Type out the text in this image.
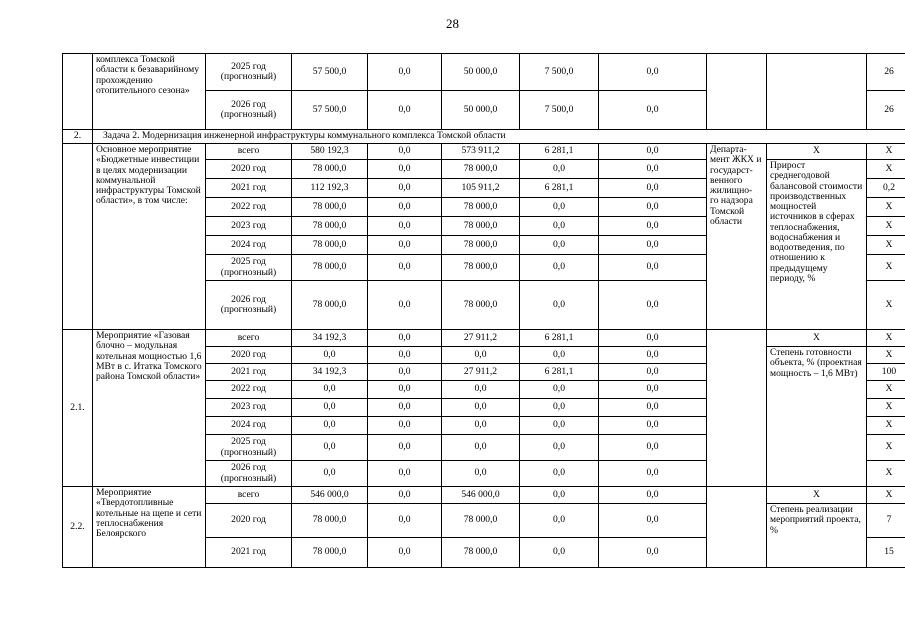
28
	комплекса Томской области к безаварийному прохождению отопительного сезона»	2025 год (прогнозный)	57 500,0	0,0	50 000,0	7 500,0	0,0			26
		2026 год (прогнозный)	57 500,0	0,0	50 000,0	7 500,0	0,0			26
2.	Задача 2. Модернизация инженерной инфраструктуры коммунального комплекса Томской области									
	Основное мероприятие «Бюджетные инвестиции в целях модернизации коммунальной инфраструктуры Томской области», в том числе:	всего	580 192,3	0,0	573 911,2	6 281,1	0,0	Департа- мент ЖКХ и государст- венного жилищно- го надзора Томской области	X	X
		2020 год	78 000,0	0,0	78 000,0	0,0	0,0		Прирост среднегодовой балансовой стоимости производственных мощностей источников в сферах теплоснабжения, водоснабжения и водоотведения, по отношению к предыдущему периоду, %	X
		2021 год	112 192,3	0,0	105 911,2	6 281,1	0,0			0,2
		2022 год	78 000,0	0,0	78 000,0	0,0	0,0			X
		2023 год	78 000,0	0,0	78 000,0	0,0	0,0			X
		2024 год	78 000,0	0,0	78 000,0	0,0	0,0			X
		2025 год (прогнозный)	78 000,0	0,0	78 000,0	0,0	0,0			X
		2026 год (прогнозный)	78 000,0	0,0	78 000,0	0,0	0,0			X
2.1.	Мероприятие «Газовая блочно – модульная котельная мощностью 1,6 МВт в с. Итатка Томского района Томской области»	всего	34 192,3	0,0	27 911,2	6 281,1	0,0		X	X
		2020 год	0,0	0,0	0,0	0,0	0,0		Степень готовности объекта, % (проектная мощность – 1,6 МВт)	X
		2021 год	34 192,3	0,0	27 911,2	6 281,1	0,0			100
		2022 год	0,0	0,0	0,0	0,0	0,0			X
		2023 год	0,0	0,0	0,0	0,0	0,0			X
		2024 год	0,0	0,0	0,0	0,0	0,0			X
		2025 год (прогнозный)	0,0	0,0	0,0	0,0	0,0			X
		2026 год (прогнозный)	0,0	0,0	0,0	0,0	0,0			X
2.2.	Мероприятие «Твердотопливные котельные на щепе и сети теплоснабжения Белоярского	всего	546 000,0	0,0	546 000,0	0,0	0,0		X	X
		2020 год	78 000,0	0,0	78 000,0	0,0	0,0		Степень реализации мероприятий проекта, %	7
		2021 год	78 000,0	0,0	78 000,0	0,0	0,0			15
